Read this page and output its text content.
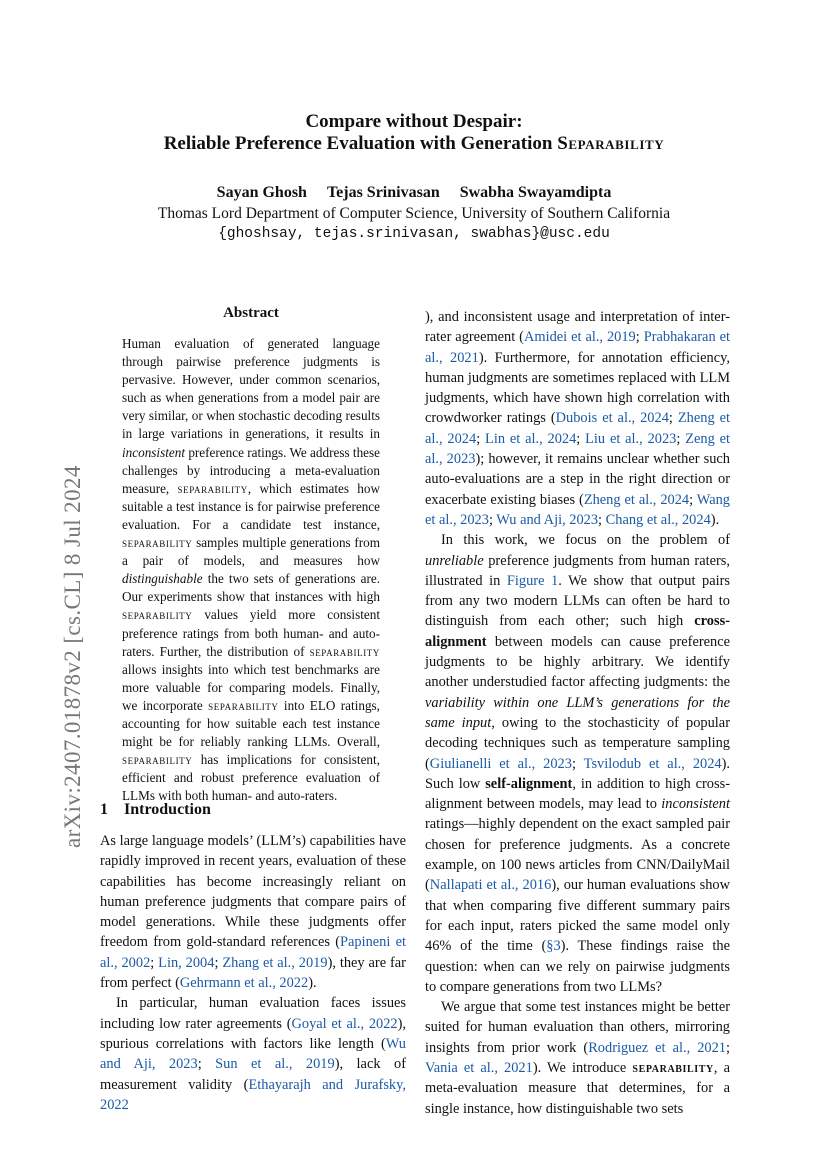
Compare without Despair:
Reliable Preference Evaluation with Generation Separability
Sayan Ghosh Tejas Srinivasan Swabha Swayamdipta
Thomas Lord Department of Computer Science, University of Southern California
{ghoshsay, tejas.srinivasan, swabhas}@usc.edu
arXiv:2407.01878v2 [cs.CL] 8 Jul 2024
Abstract
Human evaluation of generated language through pairwise preference judgments is pervasive. However, under common scenarios, such as when generations from a model pair are very similar, or when stochastic decoding results in large variations in generations, it results in inconsistent preference ratings. We address these challenges by introducing a meta-evaluation measure, separability, which estimates how suitable a test instance is for pairwise preference evaluation. For a candidate test instance, separability samples multiple generations from a pair of models, and measures how distinguishable the two sets of generations are. Our experiments show that instances with high separability values yield more consistent preference ratings from both human- and auto-raters. Further, the distribution of separability allows insights into which test benchmarks are more valuable for comparing models. Finally, we incorporate separability into ELO ratings, accounting for how suitable each test instance might be for reliably ranking LLMs. Overall, separability has implications for consistent, efficient and robust preference evaluation of LLMs with both human- and auto-raters.
1 Introduction

As large language models’ (LLM’s) capabilities have rapidly improved in recent years, evaluation of these capabilities has become increasingly reliant on human preference judgments that compare pairs of model generations. While these judgments offer freedom from gold-standard references (Papineni et al., 2002; Lin, 2004; Zhang et al., 2019), they are far from perfect (Gehrmann et al., 2022).

In particular, human evaluation faces issues including low rater agreements (Goyal et al., 2022), spurious correlations with factors like length (Wu and Aji, 2023; Sun et al., 2019), lack of measurement validity (Ethayarajh and Jurafsky, 2022

), and inconsistent usage and interpretation of inter-rater agreement (Amidei et al., 2019; Prabhakaran et al., 2021). Furthermore, for annotation efficiency, human judgments are sometimes replaced with LLM judgments, which have shown high correlation with crowdworker ratings (Dubois et al., 2024; Zheng et al., 2024; Lin et al., 2024; Liu et al., 2023; Zeng et al., 2023); however, it remains unclear whether such auto-evaluations are a step in the right direction or exacerbate existing biases (Zheng et al., 2024; Wang et al., 2023; Wu and Aji, 2023; Chang et al., 2024).

In this work, we focus on the problem of unreliable preference judgments from human raters, illustrated in Figure 1. We show that output pairs from any two modern LLMs can often be hard to distinguish from each other; such high cross-alignment between models can cause preference judgments to be highly arbitrary. We identify another understudied factor affecting judgments: the variability within one LLM’s generations for the same input, owing to the stochasticity of popular decoding techniques such as temperature sampling (Giulianelli et al., 2023; Tsvilodub et al., 2024). Such low self-alignment, in addition to high cross-alignment between models, may lead to inconsistent ratings—highly dependent on the exact sampled pair chosen for preference judgments. As a concrete example, on 100 news articles from CNN/DailyMail (Nallapati et al., 2016), our human evaluations show that when comparing five different summary pairs for each input, raters picked the same model only 46% of the time (§3). These findings raise the question: when can we rely on pairwise judgments to compare generations from two LLMs?

We argue that some test instances might be better suited for human evaluation than others, mirroring insights from prior work (Rodriguez et al., 2021; Vania et al., 2021). We introduce separability, a meta-evaluation measure that determines, for a single instance, how distinguishable two sets
